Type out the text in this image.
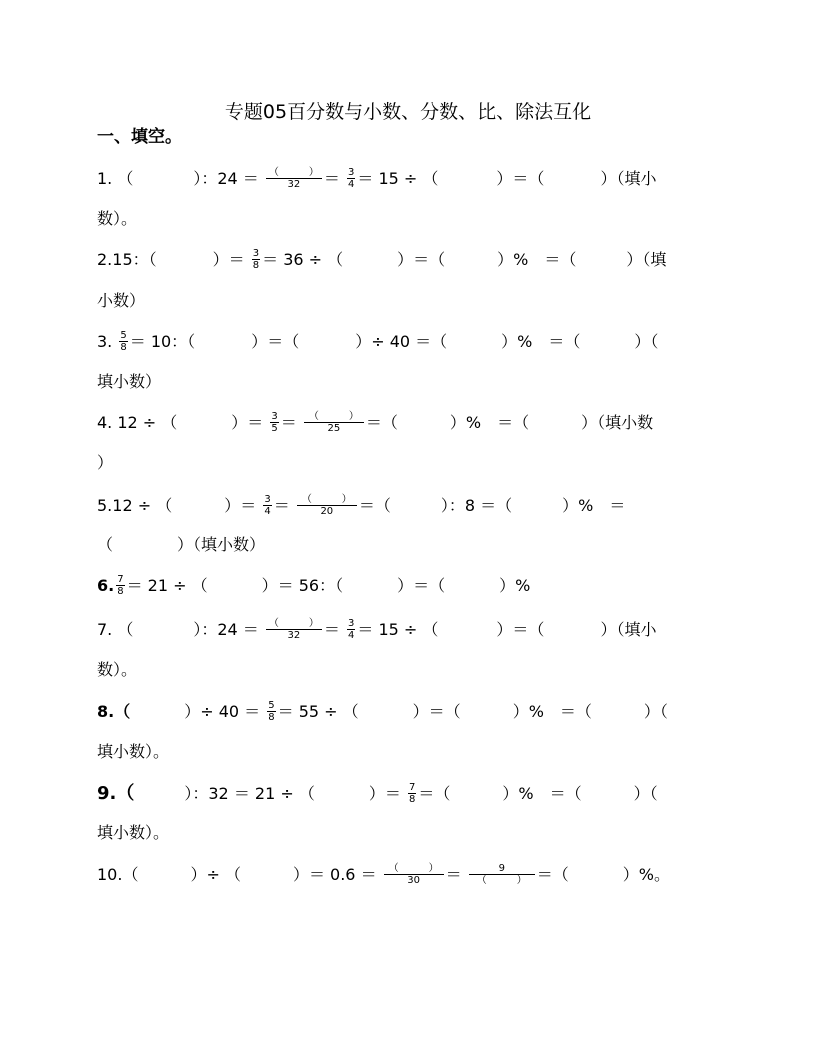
专题05百分数与小数、分数、比、除法互化
一、填空。
1. （	）：$24 = \frac{( )}{32} = \frac{3}{4} = 15$ ÷ （	）＝（	）（填小
数）。
2.15：（	）＝ $\frac{3}{8} = 36$ ÷ （	）＝（	）%　＝（	）（填
小数）
3. $\frac{5}{8} = 10$：（	）＝（	）÷ 40 ＝（	）%　＝（	）（
填小数）
4. 12 ÷ （	）＝ $\frac{3}{5} = \frac{( )}{25}$ ＝（	）%　＝（	）（填小数
）
5.12 ÷ （	）＝ $\frac{3}{4} = \frac{( )}{20}$ ＝（	）：8 ＝（	）%　＝
（　　　　）（填小数）
6. $\frac{7}{8} = 21$ ÷ （	）＝ 56：（	）＝（	）%
7. （	）：$24 = \frac{( )}{32} = \frac{3}{4} = 15$ ÷ （	）＝（	）（填小
数）。
8.（	）÷ $40 = \frac{5}{8} = 55$ ÷ （	）＝（	）%　＝（	）（
填小数）。
9.（	）：32 ＝ 21 ÷ （	）＝ $\frac{7}{8}$ ＝（	）%　＝（	）（
填小数）。
10.（	）÷ （	）＝ $0.6 = \frac{( )}{30} = \frac{9}{( )}$ ＝（	）%。
